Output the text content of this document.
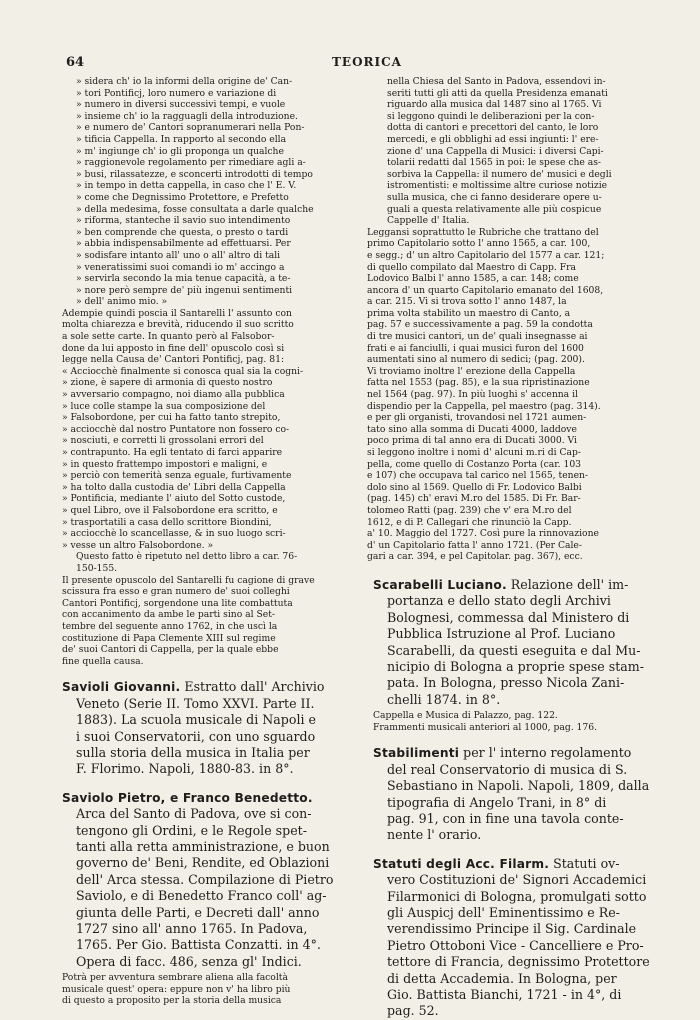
64	TEORICA
» sidera ch' io la informi della origine de' Can-
» tori Pontificj, loro numero e variazione di
» numero in diversi successivi tempi, e vuole
» insieme ch' io la ragguagli della introduzione.
» e numero de' Cantori sopranumerari nella Pon-
» tificia Cappella. In rapporto al secondo ella
» m' ingiunge ch' io gli proponga un qualche
» raggionevole regolamento per rimediare agli a-
» busi, rilassatezze, e sconcerti introdotti di tempo
» in tempo in detta cappella, in caso che l' E. V.
» come che Degnissimo Protettore, e Prefetto
» della medesima, fosse consultata a darle qualche
» riforma, stanteche il savio suo intendimento
» ben comprende che questa, o presto o tardi
» abbia indispensabilmente ad effettuarsi. Per
» sodisfare intanto all' uno o all' altro di tali
» veneratissimi suoi comandi io m' accingo a
» servirla secondo la mia tenue capacità, a te-
» nore però sempre de' più ingenui sentimenti
» dell' animo mio. »
Adempie quindi poscia il Santarelli l' assunto con
molta chiarezza e brevità, riducendo il suo scritto
a sole sette carte. In quanto però al Falsobor-
done da lui apposto in fine dell' opuscolo così si
legge nella Causa de' Cantori Pontificj, pag. 81:
« Acciocchè finalmente si conosca qual sia la cogni-
» zione, è sapere di armonia di questo nostro
» avversario compagno, noi diamo alla pubblica
» luce colle stampe la sua composizione del
» Falsobordone, per cui ha fatto tanto strepito,
» acciocchè dal nostro Puntatore non fossero co-
» nosciuti, e corretti li grossolani errori del
» contrapunto. Ha egli tentato di farci apparire
» in questo frattempo impostori e maligni, e
» perciò con temerità senza eguale, furtivamente
» ha tolto dalla custodia de' Libri della Cappella
» Pontificia, mediante l' aiuto del Sotto custode,
» quel Libro, ove il Falsobordone era scritto, e
» trasportatili a casa dello scrittore Biondini,
» acciocchè lo scancellasse, & in suo luogo scri-
» vesse un altro Falsobordone. »
Questo fatto è ripetuto nel detto libro a car. 76-
150-155.
Il presente opuscolo del Santarelli fu cagione di grave
scissura fra esso e gran numero de' suoi colleghi
Cantori Pontificj, sorgendone una lite combattuta
con accanimento da ambe le parti sino al Set-
tembre del seguente anno 1762, in che uscì la
costituzione di Papa Clemente XIII sul regime
de' suoi Cantori di Cappella, per la quale ebbe
fine quella causa.
Savioli Giovanni. Estratto dall' Archivio
Veneto (Serie II. Tomo XXVI. Parte II.
1883). La scuola musicale di Napoli e
i suoi Conservatorii, con uno sguardo
sulla storia della musica in Italia per
F. Florimo. Napoli, 1880-83. in 8°.
Saviolo Pietro, e Franco Benedetto.
Arca del Santo di Padova, ove si con-
tengono gli Ordini, e le Regole spet-
tanti alla retta amministrazione, e buon
governo de' Beni, Rendite, ed Oblazioni
dell' Arca stessa. Compilazione di Pietro
Saviolo, e di Benedetto Franco coll' ag-
giunta delle Parti, e Decreti dall' anno
1727 sino all' anno 1765. In Padova,
1765. Per Gio. Battista Conzatti. in 4°.
Opera di facc. 486, senza gl' Indici.
Potrà per avventura sembrare aliena alla facoltà
musicale quest' opera: eppure non v' ha libro più
di questo a proposito per la storia della musica
nella Chiesa del Santo in Padova, essendovi in-
seriti tutti gli atti da quella Presidenza emanati
riguardo alla musica dal 1487 sino al 1765. Vi
si leggono quindi le deliberazioni per la con-
dotta di cantori e precettori del canto, le loro
mercedi, e gli obblighi ad essi ingiunti: l' ere-
zione d' una Cappella di Musici: i diversi Capi-
tolarii redatti dal 1565 in poi: le spese che as-
sorbiva la Cappella: il numero de' musici e degli
istromentisti: e moltissime altre curiose notizie
sulla musica, che ci fanno desiderare opere u-
guali a questa relativamente alle più cospicue
Cappelle d' Italia.
Leggansi soprattutto le Rubriche che trattano del
primo Capitolario sotto l' anno 1565, a car. 100,
e segg.; d' un altro Capitolario del 1577 a car. 121;
di quello compilato dal Maestro di Capp. Fra
Lodovico Balbi l' anno 1585, a car. 148; come
ancora d' un quarto Capitolario emanato del 1608,
a car. 215. Vi si trova sotto l' anno 1487, la
prima volta stabilito un maestro di Canto, a
pag. 57 e successivamente a pag. 59 la condotta
di tre musici cantori, un de' quali insegnasse ai
frati e ai fanciulli, i quai musici furon del 1600
aumentati sino al numero di sedici; (pag. 200).
Vi troviamo inoltre l' erezione della Cappella
fatta nel 1553 (pag. 85), e la sua ripristinazione
nel 1564 (pag. 97). In più luoghi s' accenna il
dispendio per la Cappella, pel maestro (pag. 314).
e per gli organisti, trovandosi nel 1721 aumen-
tato sino alla somma di Ducati 4000, laddove
poco prima di tal anno era di Ducati 3000. Vi
si leggono inoltre i nomi d' alcuni m.ri di Cap-
pella, come quello di Costanzo Porta (car. 103
e 107) che occupava tal carico nel 1565, tenen-
dolo sino al 1569. Quello di Fr. Lodovico Balbi
(pag. 145) ch' eravi M.ro del 1585. Di Fr. Bar-
tolomeo Ratti (pag. 239) che v' era M.ro del
1612, e di P. Callegari che rinunciò la Capp.
a' 10. Maggio del 1727. Così pure la rinnovazione
d' un Capitolario fatta l' anno 1721. (Per Cale-
gari a car. 394, e pel Capitolar. pag. 367), ecc.
Scarabelli Luciano. Relazione dell' im-
portanza e dello stato degli Archivi
Bolognesi, commessa dal Ministero di
Pubblica Istruzione al Prof. Luciano
Scarabelli, da questi eseguita e dal Mu-
nicipio di Bologna a proprie spese stam-
pata. In Bologna, presso Nicola Zani-
chelli 1874. in 8°.
Cappella e Musica di Palazzo, pag. 122.
Frammenti musicali anteriori al 1000, pag. 176.
Stabilimenti per l' interno regolamento
del real Conservatorio di musica di S.
Sebastiano in Napoli. Napoli, 1809, dalla
tipografia di Angelo Trani, in 8° di
pag. 91, con in fine una tavola conte-
nente l' orario.
Statuti degli Acc. Filarm. Statuti ov-
vero Costituzioni de' Signori Accademici
Filarmonici di Bologna, promulgati sotto
gli Auspicj dell' Eminentissimo e Re-
verendissimo Principe il Sig. Cardinale
Pietro Ottoboni Vice - Cancelliere e Pro-
tettore di Francia, degnissimo Protettore
di detta Accademia. In Bologna, per
Gio. Battista Bianchi, 1721 - in 4°, di
pag. 52.
